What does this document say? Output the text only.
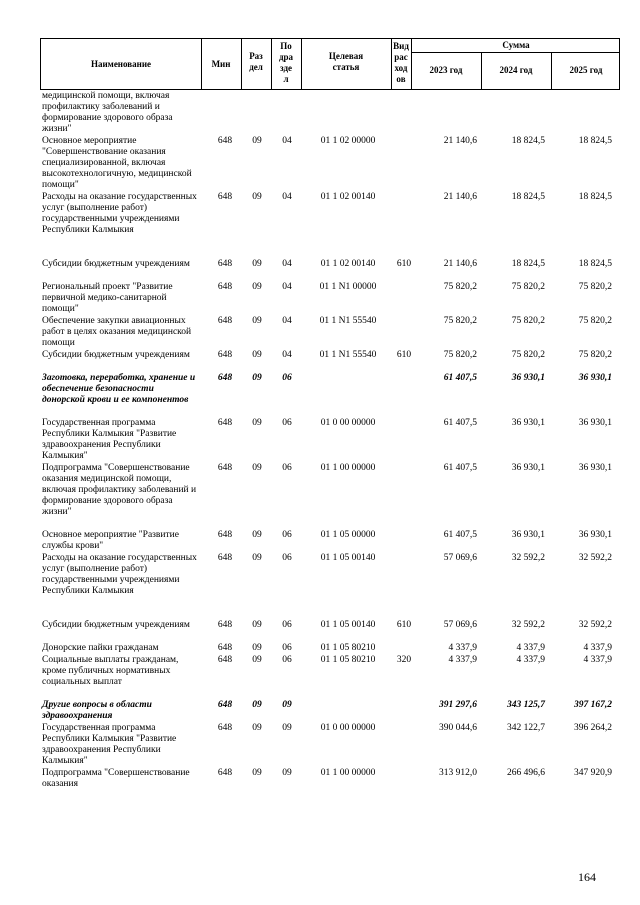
Наименование	Мин
Раз
дел
По
дра
зде
л
Целевая
статья
Вид
рас
ход
ов
Сумма
2023 год	2024 год	2025 год
медицинской помощи, включая профилактику заболеваний и формирование здорового образа жизни"
Основное мероприятие "Совершенствование оказания специализированной, включая высокотехнологичную, медицинской помощи"
648	09	04	01 1 02 00000	21 140,6	18 824,5	18 824,5
Расходы на оказание государственных услуг (выполнение работ) государственными учреждениями Республики Калмыкия
648	09	04	01 1 02 00140	21 140,6	18 824,5	18 824,5
Субсидии бюджетным учреждениям	648	09	04	01 1 02 00140	610	21 140,6	18 824,5	18 824,5
Региональный проект "Развитие первичной медико-санитарной помощи"
648	09	04	01 1 N1 00000	75 820,2	75 820,2	75 820,2
Обеспечение закупки авиационных работ в целях оказания медицинской помощи
648	09	04	01 1 N1 55540	75 820,2	75 820,2	75 820,2
Субсидии бюджетным учреждениям	648	09	04	01 1 N1 55540	610	75 820,2	75 820,2	75 820,2
Заготовка, переработка, хранение и обеспечение безопасности донорской крови и ее компонентов
648	09	06	61 407,5	36 930,1	36 930,1
Государственная программа Республики Калмыкия "Развитие здравоохранения Республики Калмыкия"
648	09	06	01 0 00 00000	61 407,5	36 930,1	36 930,1
Подпрограмма "Совершенствование оказания медицинской помощи, включая профилактику заболеваний и формирование здорового образа жизни"
648	09	06	01 1 00 00000	61 407,5	36 930,1	36 930,1
Основное мероприятие "Развитие службы крови"
648	09	06	01 1 05 00000	61 407,5	36 930,1	36 930,1
Расходы на оказание государственных услуг (выполнение работ) государственными учреждениями Республики Калмыкия
648	09	06	01 1 05 00140	57 069,6	32 592,2	32 592,2
Субсидии бюджетным учреждениям	648	09	06	01 1 05 00140	610	57 069,6	32 592,2	32 592,2
Донорские пайки гражданам	648	09	06	01 1 05 80210	4 337,9	4 337,9	4 337,9
Социальные выплаты гражданам, кроме публичных нормативных социальных выплат
648	09	06	01 1 05 80210	320	4 337,9	4 337,9	4 337,9
Другие вопросы в области здравоохранения
648	09	09	391 297,6	343 125,7	397 167,2
Государственная программа Республики Калмыкия "Развитие здравоохранения Республики Калмыкия"
648	09	09	01 0 00 00000	390 044,6	342 122,7	396 264,2
Подпрограмма "Совершенствование оказания
648	09	09	01 1 00 00000	313 912,0	266 496,6	347 920,9
164
